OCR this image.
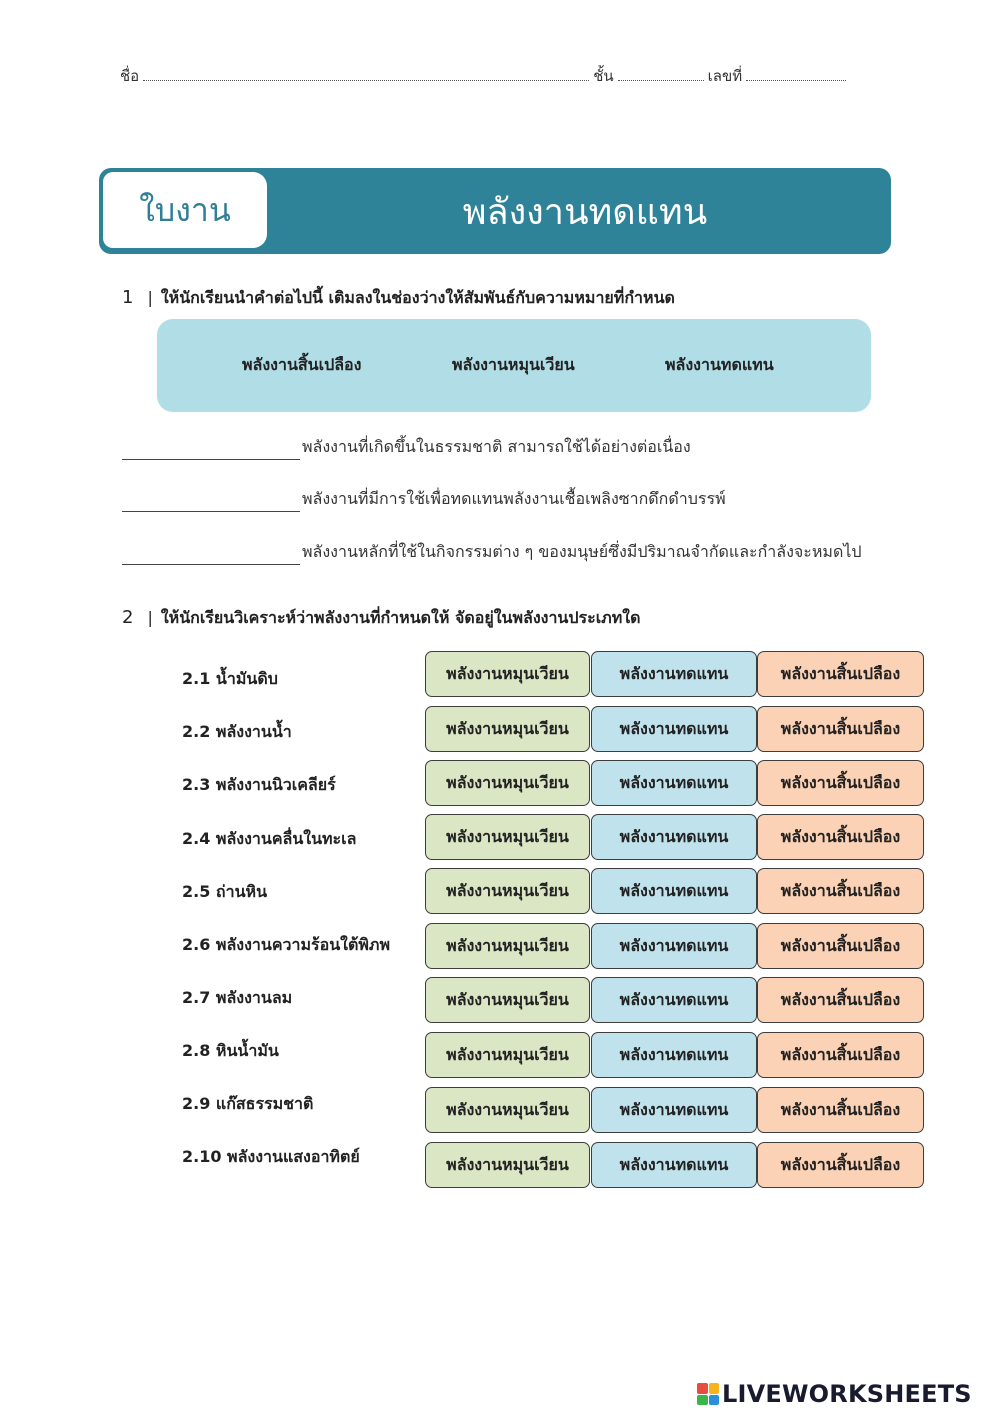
ชื่อ	ชั้น	เลขที่
ใบงาน	พลังงานทดแทน
1 | ให้นักเรียนนำคำต่อไปนี้ เติมลงในช่องว่างให้สัมพันธ์กับความหมายที่กำหนด
พลังงานสิ้นเปลือง	พลังงานหมุนเวียน	พลังงานทดแทน
พลังงานที่เกิดขึ้นในธรรมชาติ สามารถใช้ได้อย่างต่อเนื่อง
พลังงานที่มีการใช้เพื่อทดแทนพลังงานเชื้อเพลิงซากดึกดำบรรพ์
พลังงานหลักที่ใช้ในกิจกรรมต่าง ๆ ของมนุษย์ซึ่งมีปริมาณจำกัดและกำลังจะหมดไป
2 | ให้นักเรียนวิเคราะห์ว่าพลังงานที่กำหนดให้ จัดอยู่ในพลังงานประเภทใด
2.1 น้ำมันดิบ	พลังงานหมุนเวียน	พลังงานทดแทน	พลังงานสิ้นเปลือง
2.2 พลังงานน้ำ	พลังงานหมุนเวียน	พลังงานทดแทน	พลังงานสิ้นเปลือง
2.3 พลังงานนิวเคลียร์	พลังงานหมุนเวียน	พลังงานทดแทน	พลังงานสิ้นเปลือง
2.4 พลังงานคลื่นในทะเล	พลังงานหมุนเวียน	พลังงานทดแทน	พลังงานสิ้นเปลือง
2.5 ถ่านหิน	พลังงานหมุนเวียน	พลังงานทดแทน	พลังงานสิ้นเปลือง
2.6 พลังงานความร้อนใต้พิภพ	พลังงานหมุนเวียน	พลังงานทดแทน	พลังงานสิ้นเปลือง
2.7 พลังงานลม	พลังงานหมุนเวียน	พลังงานทดแทน	พลังงานสิ้นเปลือง
2.8 หินน้ำมัน	พลังงานหมุนเวียน	พลังงานทดแทน	พลังงานสิ้นเปลือง
2.9 แก๊สธรรมชาติ	พลังงานหมุนเวียน	พลังงานทดแทน	พลังงานสิ้นเปลือง
2.10 พลังงานแสงอาทิตย์	พลังงานหมุนเวียน	พลังงานทดแทน	พลังงานสิ้นเปลือง
LIVEWORKSHEETS
